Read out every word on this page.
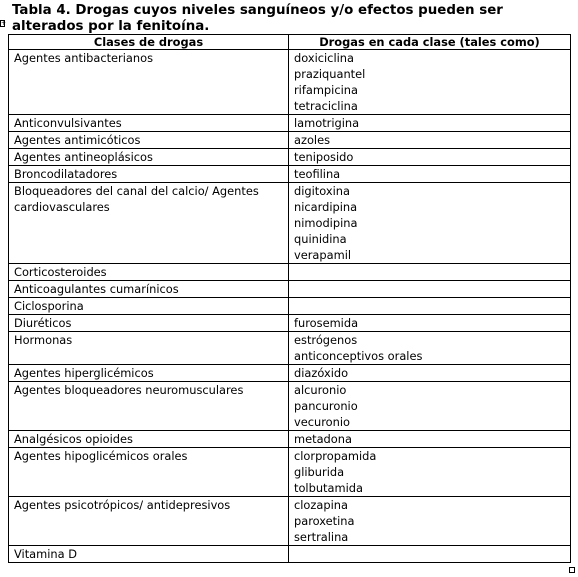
+

Tabla 4. Drogas cuyos niveles sanguíneos y/o efectos pueden ser alterados por la fenitoína.

Clases de drogas	Drogas en cada clase (tales como)

Agentes antibacterianos	doxiciclina
praziquantel
rifampicina
tetraciclina

Anticonvulsivantes	lamotrigina

Agentes antimicóticos	azoles

Agentes antineoplásicos	teniposido

Broncodilatadores	teofilina

Bloqueadores del canal del calcio/ Agentes cardiovasculares	digitoxina
nicardipina
nimodipina
quinidina
verapamil

Corticosteroides	

Anticoagulantes cumarínicos	

Ciclosporina	

Diuréticos	furosemida

Hormonas	estrógenos
anticonceptivos orales

Agentes hiperglicémicos	diazóxido

Agentes bloqueadores neuromusculares	alcuronio
pancuronio
vecuronio

Analgésicos opioides	metadona

Agentes hipoglicémicos orales	clorpropamida
gliburida
tolbutamida

Agentes psicotrópicos/ antidepresivos	clozapina
paroxetina
sertralina

Vitamina D	
